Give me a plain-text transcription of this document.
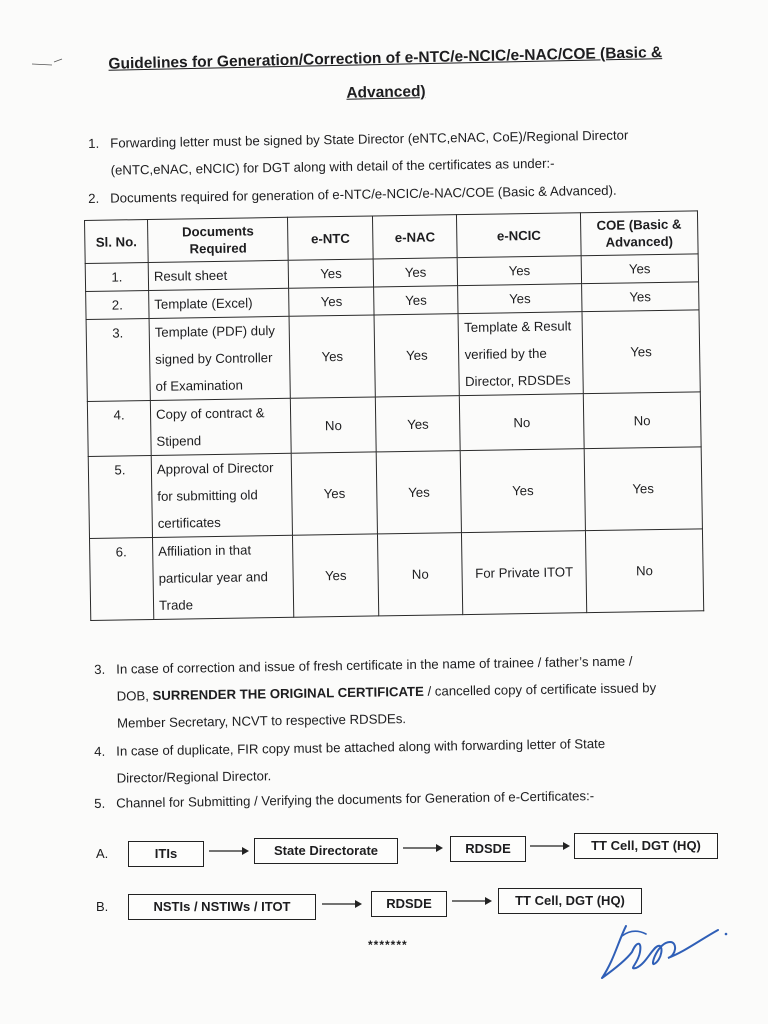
Guidelines for Generation/Correction of e-NTC/e-NCIC/e-NAC/COE (Basic &
Advanced)
1. Forwarding letter must be signed by State Director (eNTC,eNAC, CoE)/Regional Director

(eNTC,eNAC, eNCIC) for DGT along with detail of the certificates as under:-
2. Documents required for generation of e-NTC/e-NCIC/e-NAC/COE (Basic & Advanced).
Sl. No.	Documents Required	e-NTC	e-NAC	e-NCIC	COE (Basic & Advanced)
1.	Result sheet	Yes	Yes	Yes	Yes
2.	Template (Excel)	Yes	Yes	Yes	Yes
3.	Template (PDF) duly signed by Controller of Examination	Yes	Yes	Template & Result verified by the Director, RDSDEs	Yes
4.	Copy of contract & Stipend	No	Yes	No	No
5.	Approval of Director for submitting old certificates	Yes	Yes	Yes	Yes
6.	Affiliation in that particular year and Trade	Yes	No	For Private ITOT	No
3. In case of correction and issue of fresh certificate in the name of trainee / father’s name /

DOB, SURRENDER THE ORIGINAL CERTIFICATE / cancelled copy of certificate issued by
Member Secretary, NCVT to respective RDSDEs.
4. In case of duplicate, FIR copy must be attached along with forwarding letter of State

Director/Regional Director.
5. Channel for Submitting / Verifying the documents for Generation of e-Certificates:-
A.	ITIs	State Directorate	RDSDE	TT Cell, DGT (HQ)
B.	NSTIs / NSTIWs / ITOT	RDSDE	TT Cell, DGT (HQ)
*******
